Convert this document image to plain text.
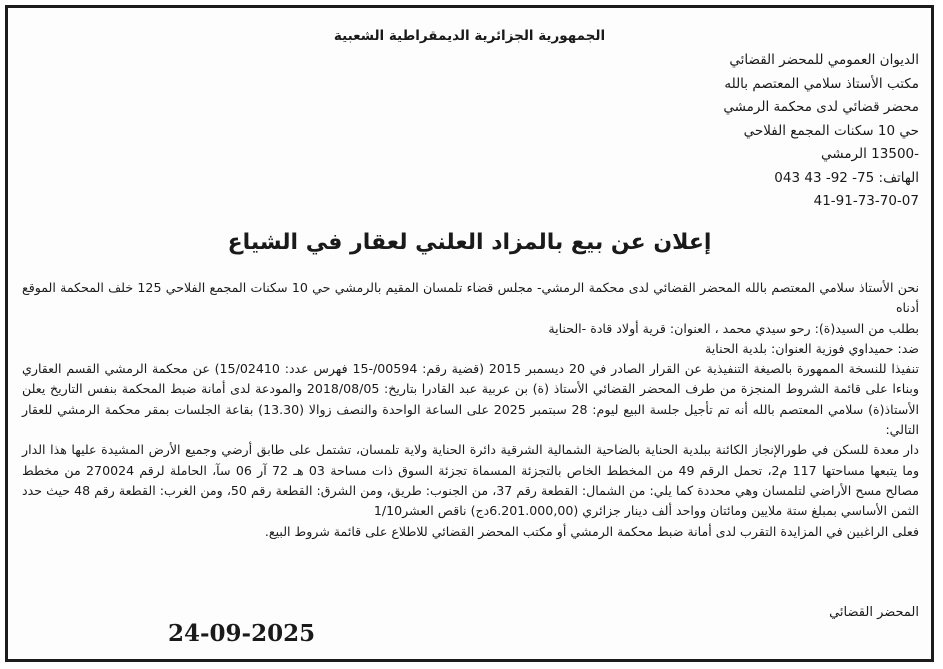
الجمهورية الجزائرية الديمقراطية الشعبية
الديوان العمومي للمحضر القضائي
مكتب الأستاذ سلامي المعتصم بالله
محضر قضائي لدى محكمة الرمشي
حي 10 سكنات المجمع الفلاحي
-13500 الرمشي
الهاتف: 043 43 -92 -75
41-91-73-70-07
إعلان عن بيع بالمزاد العلني لعقار في الشياع

نحن الأستاذ سلامي المعتصم بالله المحضر القضائي لدى محكمة الرمشي- مجلس قضاء تلمسان المقيم بالرمشي حي 10 سكنات المجمع الفلاحي 125 خلف المحكمة الموقع أدناه

بطلب من السيد(ة): رحو سيدي محمد ، العنوان: قرية أولاد قادة -الحناية

ضد: حميداوي فوزية العنوان: بلدية الحناية

تنفيذا للنسخة الممهورة بالصيغة التنفيذية عن القرار الصادر في 20 ديسمبر 2015 (قضية رقم: 00594/-15 فهرس عدد: 15/02410) عن محكمة الرمشي القسم العقاري وبناءا على قائمة الشروط المنجزة من طرف المحضر القضائي الأستاذ (ة) بن عربية عبد القادرا بتاريخ: 2018/08/05 والمودعة لدى أمانة ضبط المحكمة بنفس التاريخ يعلن الأستاذ(ة) سلامي المعتصم بالله أنه تم تأجيل جلسة البيع ليوم: 28 سبتمبر 2025 على الساعة الواحدة والنصف زوالا (13.30) بقاعة الجلسات بمقر محكمة الرمشي للعقار التالي:

دار معدة للسكن في طورالإنجاز الكائنة ببلدية الحناية بالضاحية الشمالية الشرقية دائرة الحناية ولاية تلمسان، تشتمل على طابق أرضي وجميع الأرض المشيدة عليها هذا الدار وما يتبعها مساحتها 117 م2، تحمل الرقم 49 من المخطط الخاص بالتجزئة المسماة تجزئة السوق ذات مساحة 03 هـ 72 آر 06 سآ، الحاملة لرقم 270024 من مخطط مصالح مسح الأراضي لتلمسان وهي محددة كما يلي: من الشمال: القطعة رقم 37، من الجنوب: طريق، ومن الشرق: القطعة رقم 50، ومن الغرب: القطعة رقم 48 حيث حدد الثمن الأساسي بمبلغ ستة ملايين ومائتان وواحد ألف دينار جزائري (6.201.000,00دج) ناقص العشر1/10

فعلى الراغبين في المزايدة التقرب لدى أمانة ضبط محكمة الرمشي أو مكتب المحضر القضائي للاطلاع على قائمة شروط البيع.

المحضر القضائي
24-09-2025
